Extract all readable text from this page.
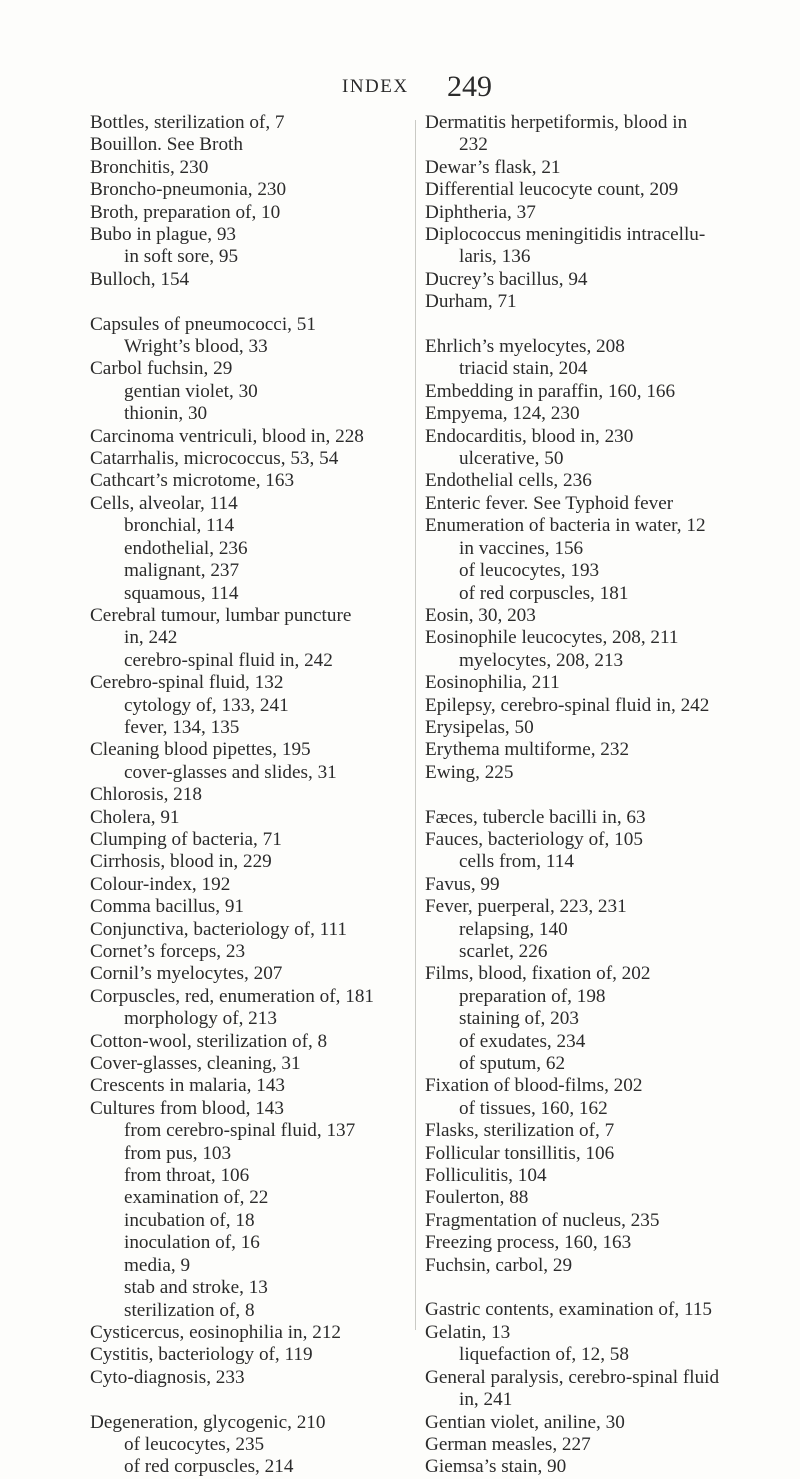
INDEX 249
Bottles, sterilization of, 7
Bouillon. See Broth
Bronchitis, 230
Broncho-pneumonia, 230
Broth, preparation of, 10
Bubo in plague, 93
in soft sore, 95
Bulloch, 154
Capsules of pneumococci, 51
Wright’s blood, 33
Carbol fuchsin, 29
gentian violet, 30
thionin, 30
Carcinoma ventriculi, blood in, 228
Catarrhalis, micrococcus, 53, 54
Cathcart’s microtome, 163
Cells, alveolar, 114
bronchial, 114
endothelial, 236
malignant, 237
squamous, 114
Cerebral tumour, lumbar puncture
in, 242
cerebro-spinal fluid in, 242
Cerebro-spinal fluid, 132
cytology of, 133, 241
fever, 134, 135
Cleaning blood pipettes, 195
cover-glasses and slides, 31
Chlorosis, 218
Cholera, 91
Clumping of bacteria, 71
Cirrhosis, blood in, 229
Colour-index, 192
Comma bacillus, 91
Conjunctiva, bacteriology of, 111
Cornet’s forceps, 23
Cornil’s myelocytes, 207
Corpuscles, red, enumeration of, 181
morphology of, 213
Cotton-wool, sterilization of, 8
Cover-glasses, cleaning, 31
Crescents in malaria, 143
Cultures from blood, 143
from cerebro-spinal fluid, 137
from pus, 103
from throat, 106
examination of, 22
incubation of, 18
inoculation of, 16
media, 9
stab and stroke, 13
sterilization of, 8
Cysticercus, eosinophilia in, 212
Cystitis, bacteriology of, 119
Cyto-diagnosis, 233
Degeneration, glycogenic, 210
of leucocytes, 235
of red corpuscles, 214
Dermatitis herpetiformis, blood in
232
Dewar’s flask, 21
Differential leucocyte count, 209
Diphtheria, 37
Diplococcus meningitidis intracellu-
laris, 136
Ducrey’s bacillus, 94
Durham, 71
Ehrlich’s myelocytes, 208
triacid stain, 204
Embedding in paraffin, 160, 166
Empyema, 124, 230
Endocarditis, blood in, 230
ulcerative, 50
Endothelial cells, 236
Enteric fever. See Typhoid fever
Enumeration of bacteria in water, 12
in vaccines, 156
of leucocytes, 193
of red corpuscles, 181
Eosin, 30, 203
Eosinophile leucocytes, 208, 211
myelocytes, 208, 213
Eosinophilia, 211
Epilepsy, cerebro-spinal fluid in, 242
Erysipelas, 50
Erythema multiforme, 232
Ewing, 225
Fæces, tubercle bacilli in, 63
Fauces, bacteriology of, 105
cells from, 114
Favus, 99
Fever, puerperal, 223, 231
relapsing, 140
scarlet, 226
Films, blood, fixation of, 202
preparation of, 198
staining of, 203
of exudates, 234
of sputum, 62
Fixation of blood-films, 202
of tissues, 160, 162
Flasks, sterilization of, 7
Follicular tonsillitis, 106
Folliculitis, 104
Foulerton, 88
Fragmentation of nucleus, 235
Freezing process, 160, 163
Fuchsin, carbol, 29
Gastric contents, examination of, 115
Gelatin, 13
liquefaction of, 12, 58
General paralysis, cerebro-spinal fluid
in, 241
Gentian violet, aniline, 30
German measles, 227
Giemsa’s stain, 90
